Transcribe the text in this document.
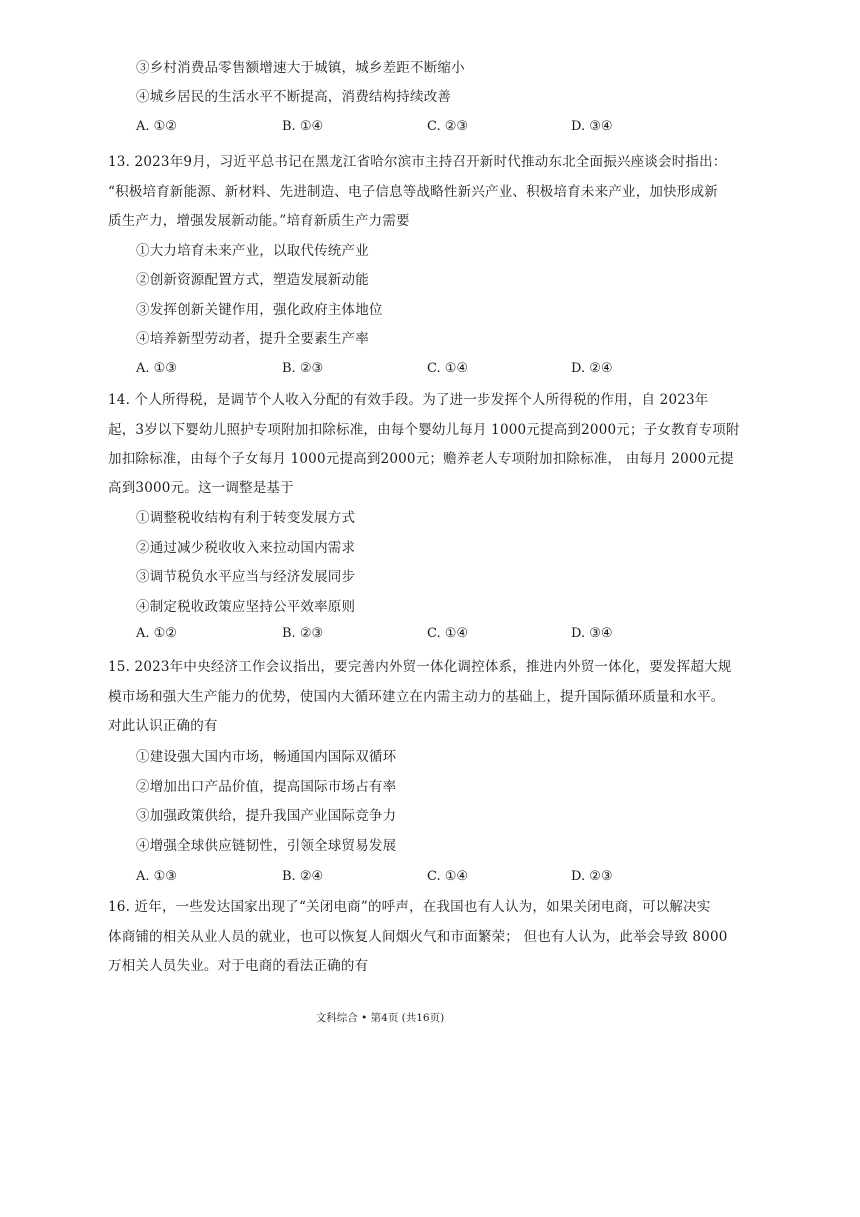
③乡村消费品零售额增速大于城镇，城乡差距不断缩小
④城乡居民的生活水平不断提高，消费结构持续改善
A. ①②	B. ①④	C. ②③	D. ③④
13. 2023年9月，习近平总书记在黑龙江省哈尔滨市主持召开新时代推动东北全面振兴座谈会时指出：
“积极培育新能源、新材料、先进制造、电子信息等战略性新兴产业、积极培育未来产业，加快形成新
质生产力，增强发展新动能。”培育新质生产力需要
①大力培育未来产业，以取代传统产业
②创新资源配置方式，塑造发展新动能
③发挥创新关键作用，强化政府主体地位
④培养新型劳动者，提升全要素生产率
A. ①③	B. ②③	C. ①④	D. ②④
14. 个人所得税，是调节个人收入分配的有效手段。为了进一步发挥个人所得税的作用，自 2023年
起，3岁以下婴幼儿照护专项附加扣除标准，由每个婴幼儿每月 1000元提高到2000元；子女教育专项附
加扣除标准，由每个子女每月 1000元提高到2000元；赡养老人专项附加扣除标准， 由每月 2000元提
高到3000元。这一调整是基于
①调整税收结构有利于转变发展方式
②通过减少税收收入来拉动国内需求
③调节税负水平应当与经济发展同步
④制定税收政策应坚持公平效率原则
A. ①②	B. ②③	C. ①④	D. ③④
15. 2023年中央经济工作会议指出，要完善内外贸一体化调控体系，推进内外贸一体化，要发挥超大规
模市场和强大生产能力的优势，使国内大循环建立在内需主动力的基础上，提升国际循环质量和水平。
对此认识正确的有
①建设强大国内市场，畅通国内国际双循环
②增加出口产品价值，提高国际市场占有率
③加强政策供给，提升我国产业国际竞争力
④增强全球供应链韧性，引领全球贸易发展
A. ①③	B. ②④	C. ①④	D. ②③
16. 近年，一些发达国家出现了“关闭电商”的呼声，在我国也有人认为，如果关闭电商，可以解决实
体商铺的相关从业人员的就业，也可以恢复人间烟火气和市面繁荣； 但也有人认为，此举会导致 8000
万相关人员失业。对于电商的看法正确的有
文科综合 • 第4页 (共16页)
